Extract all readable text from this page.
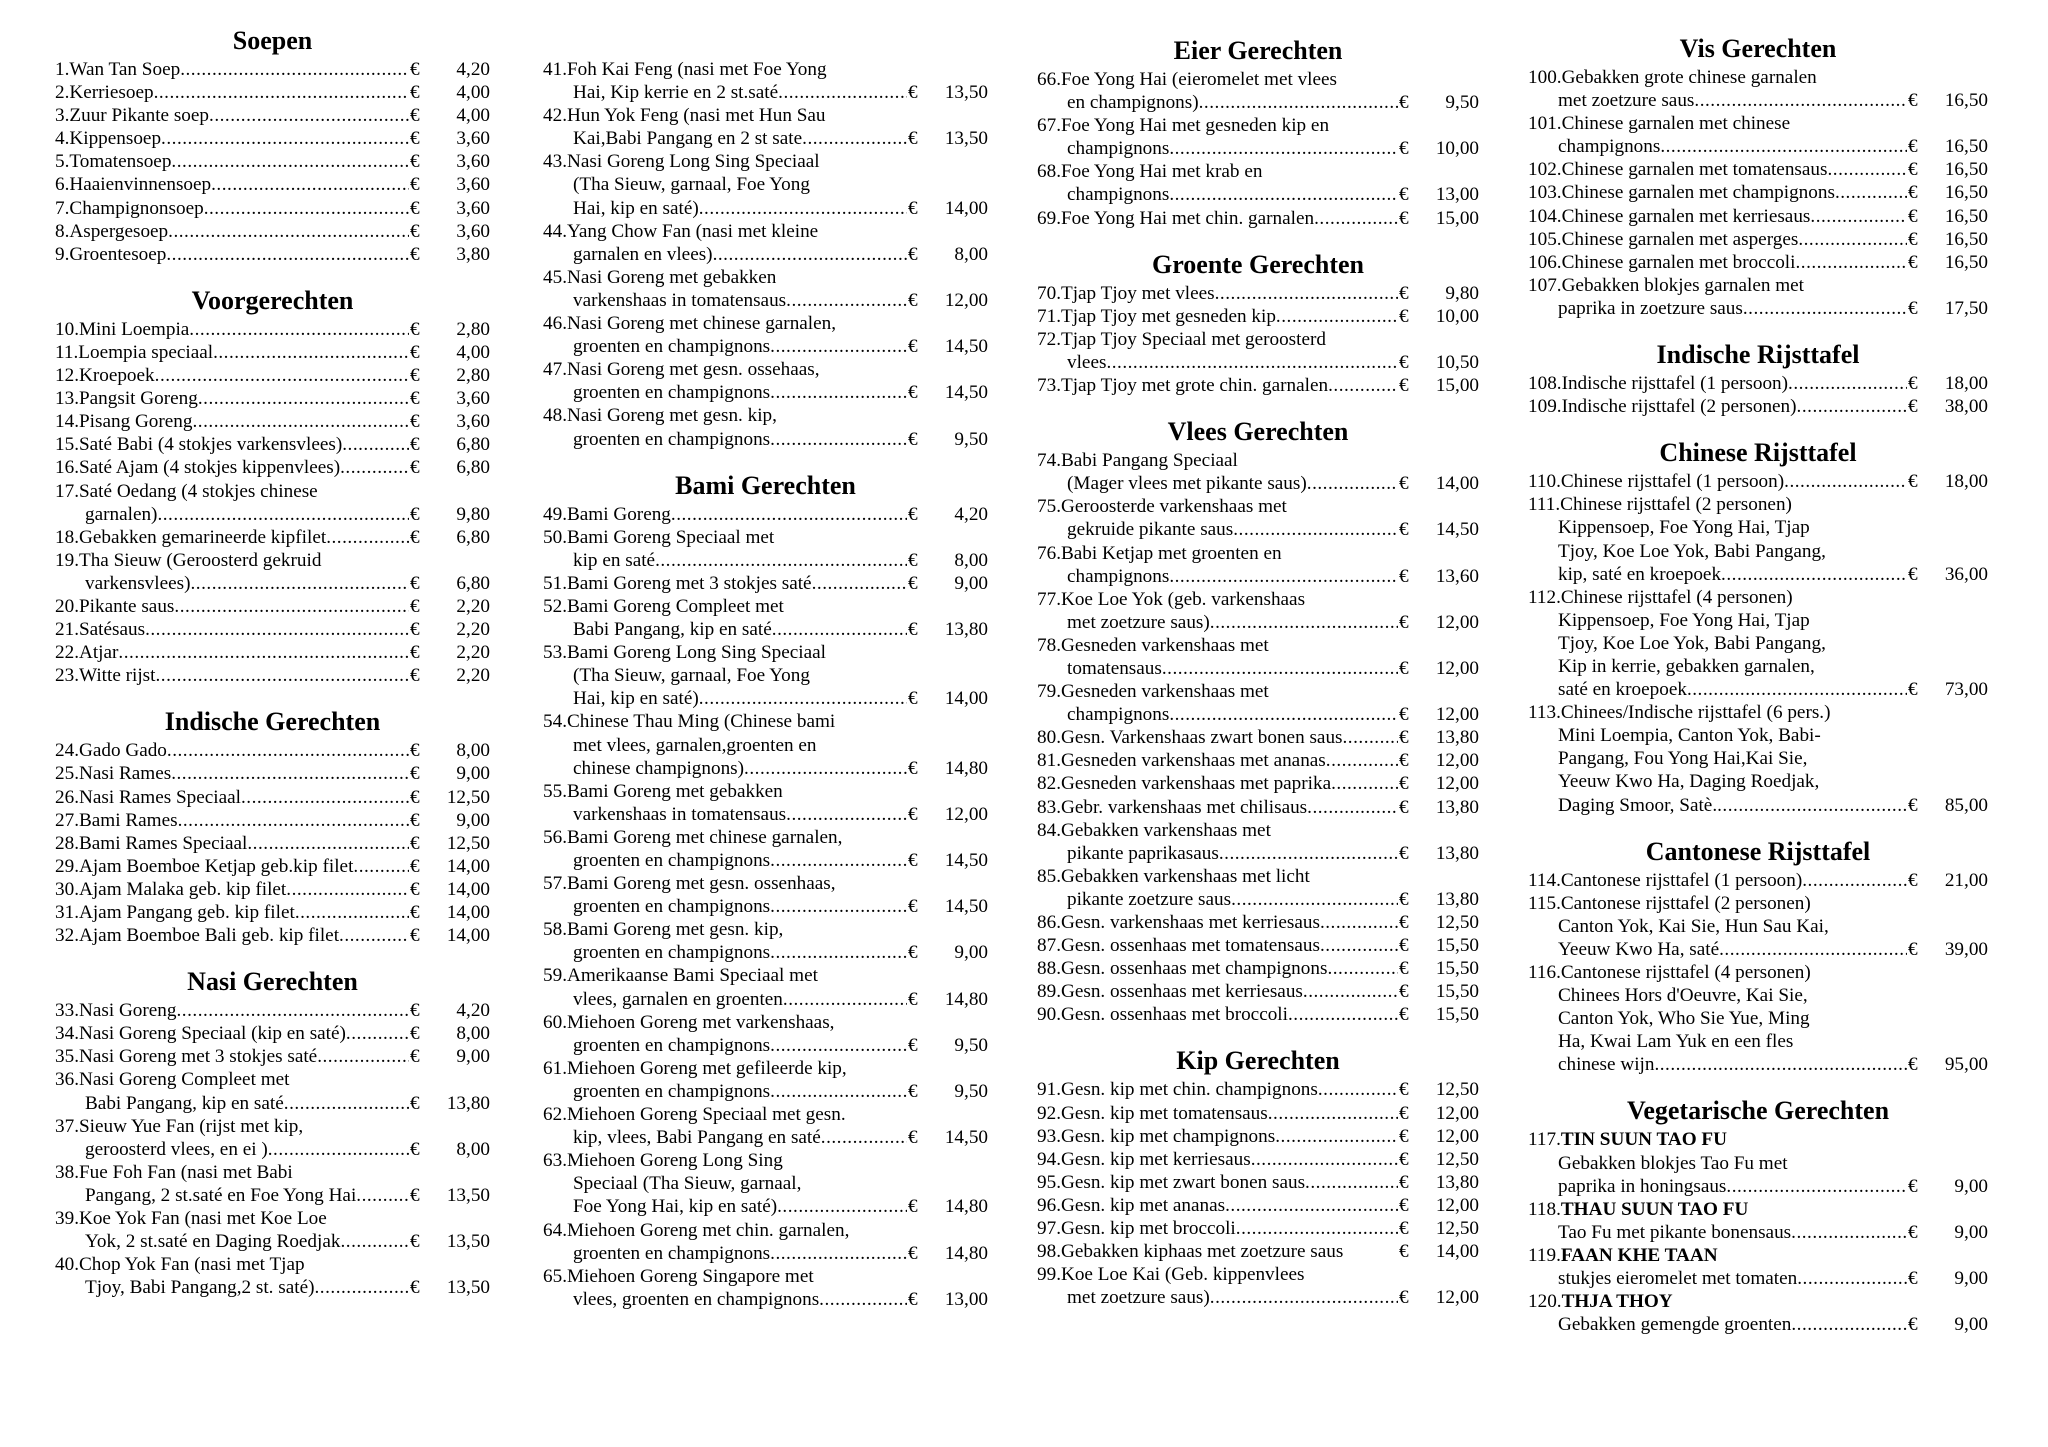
Soepen
1. Wan Tan Soep .....	€	4,20
2. Kerriesoep .....	€	4,00
3. Zuur Pikante soep .....	€	4,00
4. Kippensoep .....	€	3,60
5. Tomatensoep .....	€	3,60
6. Haaienvinnensoep .....	€	3,60
7. Champignonsoep .....	€	3,60
8. Aspergesoep .....	€	3,60
9. Groentesoep .....	€	3,80
Voorgerechten
10. Mini Loempia .....	€	2,80
11. Loempia speciaal .....	€	4,00
12. Kroepoek .....	€	2,80
13. Pangsit Goreng .....	€	3,60
14. Pisang Goreng .....	€	3,60
15. Saté Babi (4 stokjes varkensvlees) .....	€	6,80
16. Saté Ajam (4 stokjes kippenvlees) .....	€	6,80
17. Saté Oedang (4 stokjes chinese
garnalen) .....	€	9,80
18. Gebakken gemarineerde kipfilet .....	€	6,80
19. Tha Sieuw (Geroosterd gekruid
varkensvlees) .....	€	6,80
20. Pikante saus .....	€	2,20
21. Satésaus .....	€	2,20
22. Atjar .....	€	2,20
23. Witte rijst .....	€	2,20
Indische Gerechten
24. Gado Gado .....	€	8,00
25. Nasi Rames .....	€	9,00
26. Nasi Rames Speciaal .....	€	12,50
27. Bami Rames .....	€	9,00
28. Bami Rames Speciaal .....	€	12,50
29. Ajam Boemboe Ketjap geb.kip filet .....	€	14,00
30. Ajam Malaka geb. kip filet .....	€	14,00
31. Ajam Pangang geb. kip filet .....	€	14,00
32. Ajam Boemboe Bali geb. kip filet .....	€	14,00
Nasi Gerechten
33. Nasi Goreng .....	€	4,20
34. Nasi Goreng Speciaal (kip en saté) .....	€	8,00
35. Nasi Goreng met 3 stokjes saté .....	€	9,00
36. Nasi Goreng Compleet met
Babi Pangang, kip en saté .....	€	13,80
37. Sieuw Yue Fan (rijst met kip,
geroosterd vlees, en ei ) .....	€	8,00
38. Fue Foh Fan (nasi met Babi
Pangang, 2 st.saté en Foe Yong Hai .....	€	13,50
39. Koe Yok Fan (nasi met Koe Loe
Yok, 2 st.saté en Daging Roedjak .....	€	13,50
40. Chop Yok Fan (nasi met Tjap
Tjoy, Babi Pangang,2 st. saté) .....	€	13,50
41. Foh Kai Feng (nasi met Foe Yong
Hai, Kip kerrie en 2 st.saté .....	€	13,50
42. Hun Yok Feng (nasi met Hun Sau
Kai,Babi Pangang en 2 st sate .....	€	13,50
43. Nasi Goreng Long Sing Speciaal
(Tha Sieuw, garnaal, Foe Yong
Hai, kip en saté) .....	€	14,00
44. Yang Chow Fan (nasi met kleine
garnalen en vlees) .....	€	8,00
45. Nasi Goreng met gebakken
varkenshaas in tomatensaus .....	€	12,00
46. Nasi Goreng met chinese garnalen,
groenten en champignons .....	€	14,50
47. Nasi Goreng met gesn. ossehaas,
groenten en champignons .....	€	14,50
48. Nasi Goreng met gesn. kip,
groenten en champignons .....	€	9,50
Bami Gerechten
49. Bami Goreng .....	€	4,20
50. Bami Goreng Speciaal met
kip en saté .....	€	8,00
51. Bami Goreng met 3 stokjes saté .....	€	9,00
52. Bami Goreng Compleet met
Babi Pangang, kip en saté .....	€	13,80
53. Bami Goreng Long Sing Speciaal
(Tha Sieuw, garnaal, Foe Yong
Hai, kip en saté) .....	€	14,00
54. Chinese Thau Ming (Chinese bami
met vlees, garnalen,groenten en
chinese champignons) .....	€	14,80
55. Bami Goreng met gebakken
varkenshaas in tomatensaus .....	€	12,00
56. Bami Goreng met chinese garnalen,
groenten en champignons .....	€	14,50
57. Bami Goreng met gesn. ossenhaas,
groenten en champignons .....	€	14,50
58. Bami Goreng met gesn. kip,
groenten en champignons .....	€	9,00
59. Amerikaanse Bami Speciaal met
vlees, garnalen en groenten .....	€	14,80
60. Miehoen Goreng met varkenshaas,
groenten en champignons .....	€	9,50
61. Miehoen Goreng met gefileerde kip,
groenten en champignons .....	€	9,50
62. Miehoen Goreng Speciaal met gesn.
kip, vlees, Babi Pangang en saté .....	€	14,50
63. Miehoen Goreng Long Sing
Speciaal (Tha Sieuw, garnaal,
Foe Yong Hai, kip en saté) .....	€	14,80
64. Miehoen Goreng met chin. garnalen,
groenten en champignons .....	€	14,80
65. Miehoen Goreng Singapore met
vlees, groenten en champignons .....	€	13,00
Eier Gerechten
66. Foe Yong Hai (eieromelet met vlees
en champignons) .....	€	9,50
67. Foe Yong Hai met gesneden kip en
champignons .....	€	10,00
68. Foe Yong Hai met krab en
champignons .....	€	13,00
69. Foe Yong Hai met chin. garnalen .....	€	15,00
Groente Gerechten
70. Tjap Tjoy met vlees .....	€	9,80
71. Tjap Tjoy met gesneden kip .....	€	10,00
72. Tjap Tjoy Speciaal met geroosterd
vlees .....	€	10,50
73. Tjap Tjoy met grote chin. garnalen .....	€	15,00
Vlees Gerechten
74. Babi Pangang Speciaal
(Mager vlees met pikante saus) .....	€	14,00
75. Geroosterde varkenshaas met
gekruide pikante saus .....	€	14,50
76. Babi Ketjap met groenten en
champignons .....	€	13,60
77. Koe Loe Yok (geb. varkenshaas
met zoetzure saus) .....	€	12,00
78. Gesneden varkenshaas met
tomatensaus .....	€	12,00
79. Gesneden varkenshaas met
champignons .....	€	12,00
80. Gesn. Varkenshaas zwart bonen saus .....	€	13,80
81. Gesneden varkenshaas met ananas .....	€	12,00
82. Gesneden varkenshaas met paprika .....	€	12,00
83. Gebr. varkenshaas met chilisaus .....	€	13,80
84. Gebakken varkenshaas met
pikante paprikasaus .....	€	13,80
85. Gebakken varkenshaas met licht
pikante zoetzure saus .....	€	13,80
86. Gesn. varkenshaas met kerriesaus .....	€	12,50
87. Gesn. ossenhaas met tomatensaus .....	€	15,50
88. Gesn. ossenhaas met champignons .....	€	15,50
89. Gesn. ossenhaas met kerriesaus .....	€	15,50
90. Gesn. ossenhaas met broccoli .....	€	15,50
Kip Gerechten
91. Gesn. kip met chin. champignons .....	€	12,50
92. Gesn. kip met tomatensaus .....	€	12,00
93. Gesn. kip met champignons .....	€	12,00
94. Gesn. kip met kerriesaus .....	€	12,50
95. Gesn. kip met zwart bonen saus .....	€	13,80
96. Gesn. kip met ananas .....	€	12,00
97. Gesn. kip met broccoli .....	€	12,50
98. Gebakken kiphaas met zoetzure saus	€	14,00
99. Koe Loe Kai (Geb. kippenvlees
met zoetzure saus) .....	€	12,00
Vis Gerechten
100. Gebakken grote chinese garnalen
met zoetzure saus .....	€	16,50
101. Chinese garnalen met chinese
champignons .....	€	16,50
102. Chinese garnalen met tomatensaus .....	€	16,50
103. Chinese garnalen met champignons .....	€	16,50
104. Chinese garnalen met kerriesaus .....	€	16,50
105. Chinese garnalen met asperges .....	€	16,50
106. Chinese garnalen met broccoli .....	€	16,50
107. Gebakken blokjes garnalen met
paprika in zoetzure saus .....	€	17,50
Indische Rijsttafel
108. Indische rijsttafel (1 persoon) .....	€	18,00
109. Indische rijsttafel (2 personen) .....	€	38,00
Chinese Rijsttafel
110. Chinese rijsttafel (1 persoon) .....	€	18,00
111. Chinese rijsttafel (2 personen)
Kippensoep, Foe Yong Hai, Tjap
Tjoy, Koe Loe Yok, Babi Pangang,
kip, saté en kroepoek .....	€	36,00
112. Chinese rijsttafel (4 personen)
Kippensoep, Foe Yong Hai, Tjap
Tjoy, Koe Loe Yok, Babi Pangang,
Kip in kerrie, gebakken garnalen,
saté en kroepoek .....	€	73,00
113. Chinees/Indische rijsttafel (6 pers.)
Mini Loempia, Canton Yok, Babi-
Pangang, Fou Yong Hai,Kai Sie,
Yeeuw Kwo Ha, Daging Roedjak,
Daging Smoor, Satè. .....	€	85,00
Cantonese Rijsttafel
114. Cantonese rijsttafel (1 persoon) .....	€	21,00
115. Cantonese rijsttafel (2 personen)
Canton Yok, Kai Sie, Hun Sau Kai,
Yeeuw Kwo Ha, saté .....	€	39,00
116. Cantonese rijsttafel (4 personen)
Chinees Hors d'Oeuvre, Kai Sie,
Canton Yok, Who Sie Yue, Ming
Ha, Kwai Lam Yuk en een fles
chinese wijn .....	€	95,00
Vegetarische Gerechten
117. TIN SUUN TAO FU
Gebakken blokjes Tao Fu met
paprika in honingsaus .....	€	9,00
118. THAU SUUN TAO FU
Tao Fu met pikante bonensaus .....	€	9,00
119. FAAN KHE TAAN
stukjes eieromelet met tomaten .....	€	9,00
120. THJA THOY
Gebakken gemengde groenten .....	€	9,00
